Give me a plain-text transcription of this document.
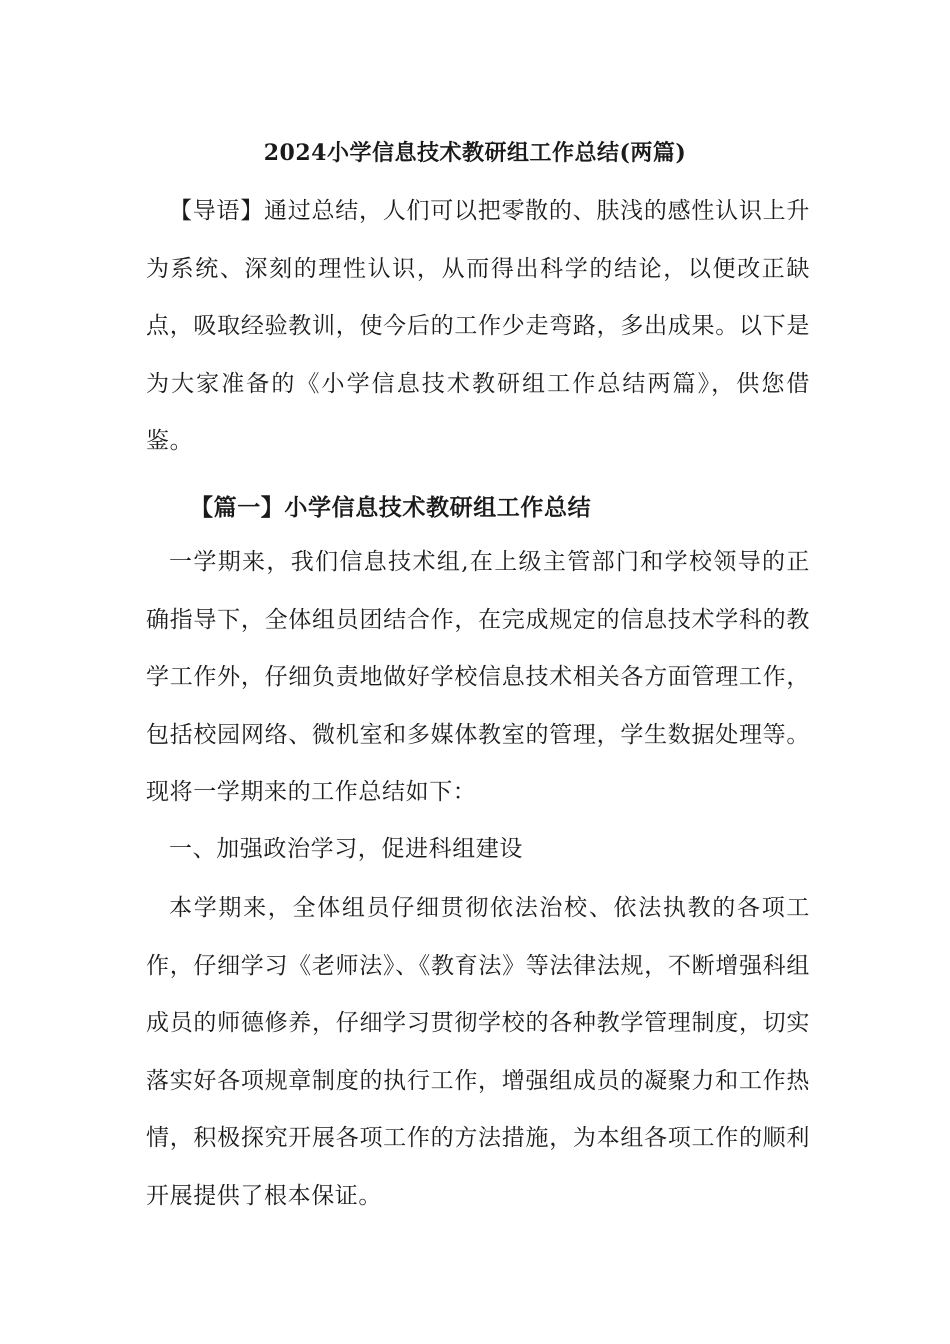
2024小学信息技术教研组工作总结(两篇)

【导语】通过总结，人们可以把零散的、肤浅的感性认识上升为系统、深刻的理性认识，从而得出科学的结论，以便改正缺点，吸取经验教训，使今后的工作少走弯路，多出成果。以下是为大家准备的《小学信息技术教研组工作总结两篇》，供您借鉴。

【篇一】小学信息技术教研组工作总结

一学期来，我们信息技术组,在上级主管部门和学校领导的正确指导下，全体组员团结合作，在完成规定的信息技术学科的教学工作外，仔细负责地做好学校信息技术相关各方面管理工作，包括校园网络、微机室和多媒体教室的管理，学生数据处理等。现将一学期来的工作总结如下：

一、加强政治学习，促进科组建设

本学期来，全体组员仔细贯彻依法治校、依法执教的各项工作，仔细学习《老师法》、《教育法》等法律法规，不断增强科组成员的师德修养，仔细学习贯彻学校的各种教学管理制度，切实落实好各项规章制度的执行工作，增强组成员的凝聚力和工作热情，积极探究开展各项工作的方法措施，为本组各项工作的顺利开展提供了根本保证。
